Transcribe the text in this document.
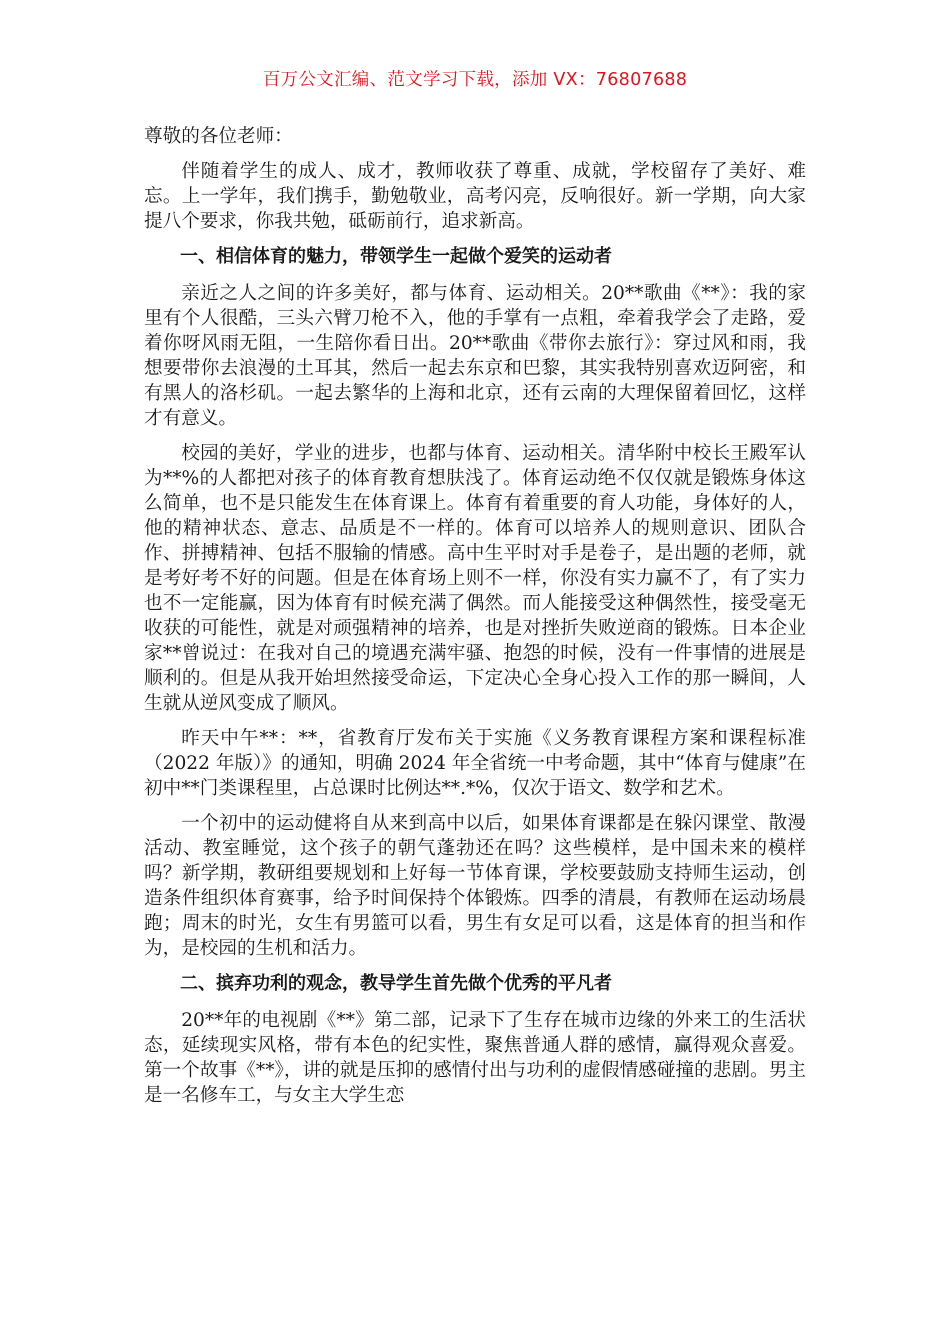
百万公文汇编、范文学习下载，添加 VX：76807688

尊敬的各位老师：

伴随着学生的成人、成才，教师收获了尊重、成就，学校留存了美好、难忘。上一学年，我们携手，勤勉敬业，高考闪亮，反响很好。新一学期，向大家提八个要求，你我共勉，砥砺前行，追求新高。

一、相信体育的魅力，带领学生一起做个爱笑的运动者

亲近之人之间的许多美好，都与体育、运动相关。20**歌曲《**》：我的家里有个人很酷，三头六臂刀枪不入，他的手掌有一点粗，牵着我学会了走路，爱着你呀风雨无阻，一生陪你看日出。20**歌曲《带你去旅行》：穿过风和雨，我想要带你去浪漫的土耳其，然后一起去东京和巴黎，其实我特别喜欢迈阿密，和有黑人的洛杉矶。一起去繁华的上海和北京，还有云南的大理保留着回忆，这样才有意义。

校园的美好，学业的进步，也都与体育、运动相关。清华附中校长王殿军认为**%的人都把对孩子的体育教育想肤浅了。体育运动绝不仅仅就是锻炼身体这么简单，也不是只能发生在体育课上。体育有着重要的育人功能，身体好的人，他的精神状态、意志、品质是不一样的。体育可以培养人的规则意识、团队合作、拼搏精神、包括不服输的情感。高中生平时对手是卷子，是出题的老师，就是考好考不好的问题。但是在体育场上则不一样，你没有实力赢不了，有了实力也不一定能赢，因为体育有时候充满了偶然。而人能接受这种偶然性，接受毫无收获的可能性，就是对顽强精神的培养，也是对挫折失败逆商的锻炼。日本企业家**曾说过：在我对自己的境遇充满牢骚、抱怨的时候，没有一件事情的进展是顺利的。但是从我开始坦然接受命运，下定决心全身心投入工作的那一瞬间，人生就从逆风变成了顺风。

昨天中午**：**，省教育厅发布关于实施《义务教育课程方案和课程标准（2022 年版）》的通知，明确 2024 年全省统一中考命题，其中“体育与健康”在初中**门类课程里，占总课时比例达**.*%，仅次于语文、数学和艺术。

一个初中的运动健将自从来到高中以后，如果体育课都是在躲闪课堂、散漫活动、教室睡觉，这个孩子的朝气蓬勃还在吗？这些模样，是中国未来的模样吗？新学期，教研组要规划和上好每一节体育课，学校要鼓励支持师生运动，创造条件组织体育赛事，给予时间保持个体锻炼。四季的清晨，有教师在运动场晨跑；周末的时光，女生有男篮可以看，男生有女足可以看，这是体育的担当和作为，是校园的生机和活力。

二、摈弃功利的观念，教导学生首先做个优秀的平凡者

20**年的电视剧《**》第二部，记录下了生存在城市边缘的外来工的生活状态，延续现实风格，带有本色的纪实性，聚焦普通人群的感情，赢得观众喜爱。第一个故事《**》，讲的就是压抑的感情付出与功利的虚假情感碰撞的悲剧。男主是一名修车工，与女主大学生恋
